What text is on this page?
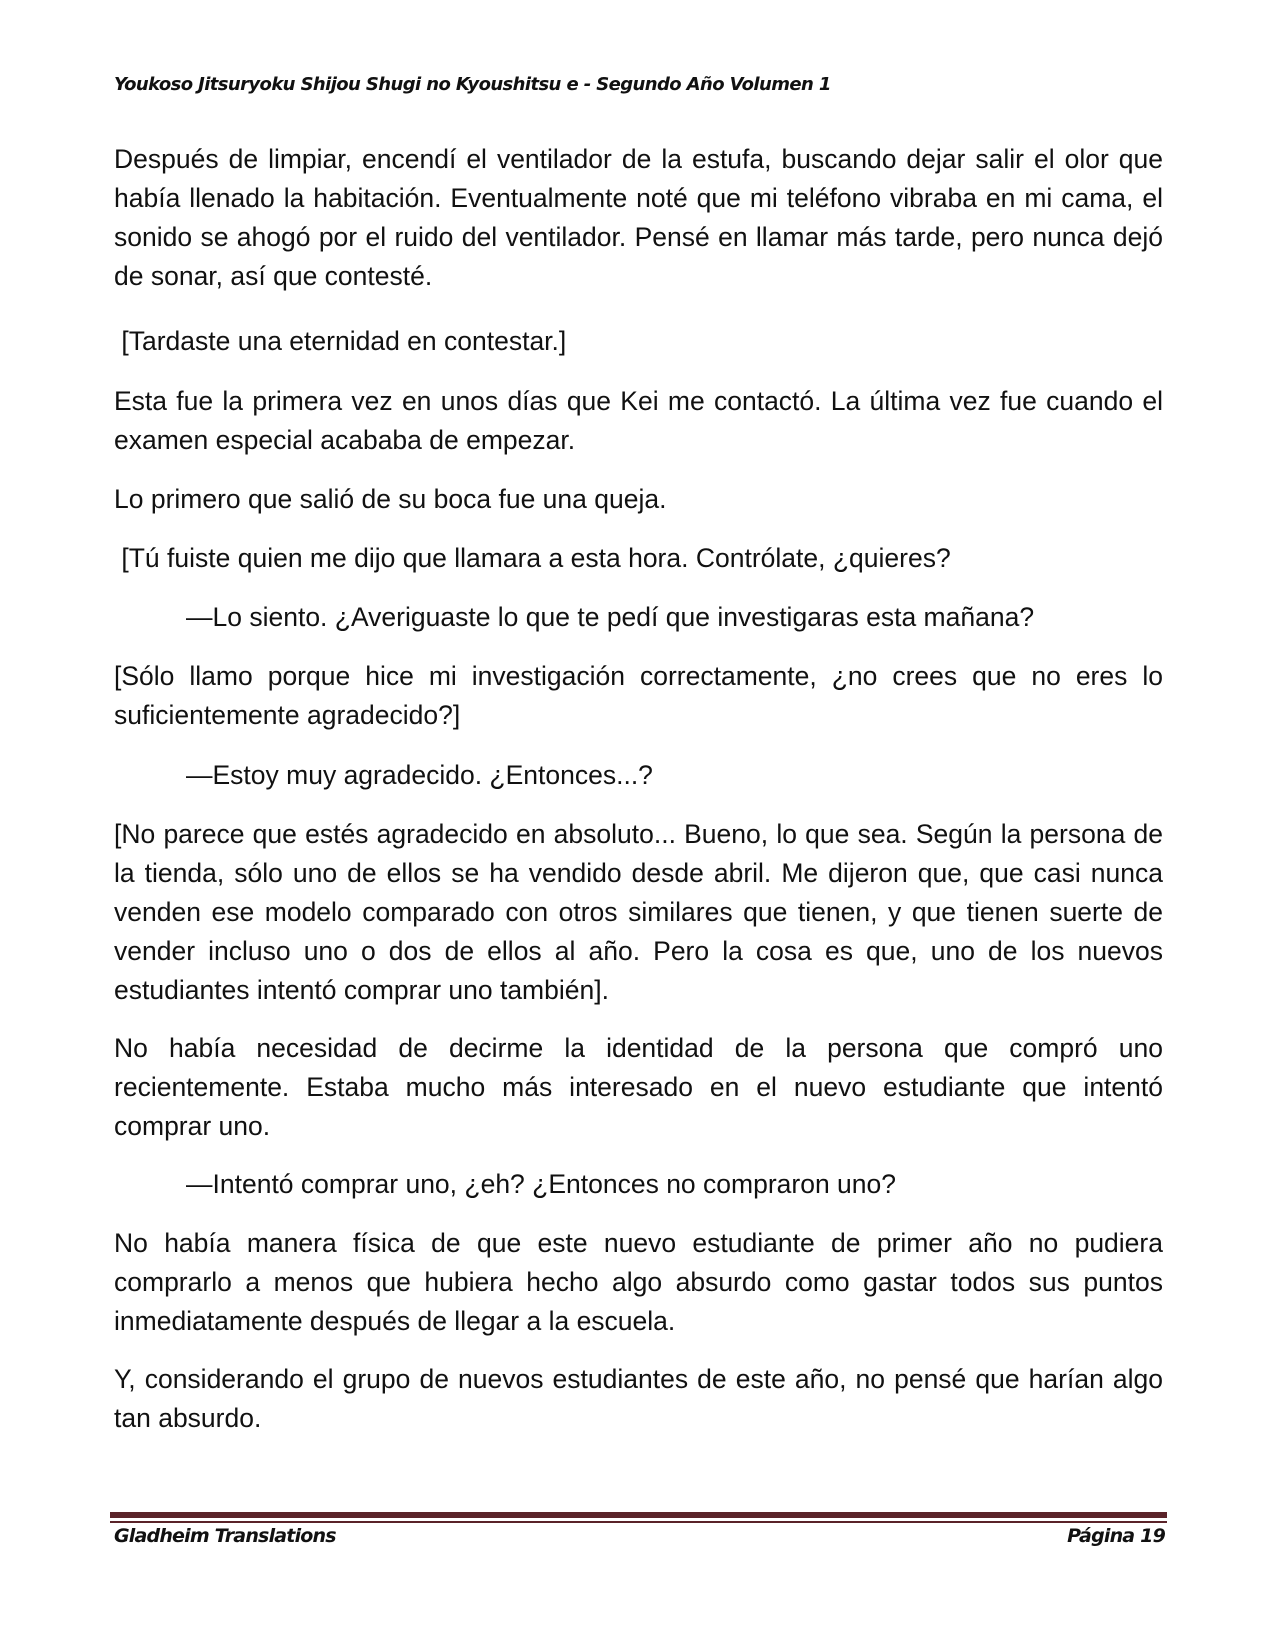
Youkoso Jitsuryoku Shijou Shugi no Kyoushitsu e - Segundo Año Volumen 1
Después de limpiar, encendí el ventilador de la estufa, buscando dejar salir el olor que había llenado la habitación. Eventualmente noté que mi teléfono vibraba en mi cama, el sonido se ahogó por el ruido del ventilador. Pensé en llamar más tarde, pero nunca dejó de sonar, así que contesté.
[Tardaste una eternidad en contestar.]
Esta fue la primera vez en unos días que Kei me contactó. La última vez fue cuando el examen especial acababa de empezar.
Lo primero que salió de su boca fue una queja.
[Tú fuiste quien me dijo que llamara a esta hora. Contrólate, ¿quieres?
—Lo siento. ¿Averiguaste lo que te pedí que investigaras esta mañana?
[Sólo llamo porque hice mi investigación correctamente, ¿no crees que no eres lo suficientemente agradecido?]
—Estoy muy agradecido. ¿Entonces...?
[No parece que estés agradecido en absoluto... Bueno, lo que sea. Según la persona de la tienda, sólo uno de ellos se ha vendido desde abril. Me dijeron que, que casi nunca venden ese modelo comparado con otros similares que tienen, y que tienen suerte de vender incluso uno o dos de ellos al año. Pero la cosa es que, uno de los nuevos estudiantes intentó comprar uno también].
No había necesidad de decirme la identidad de la persona que compró uno recientemente. Estaba mucho más interesado en el nuevo estudiante que intentó comprar uno.
—Intentó comprar uno, ¿eh? ¿Entonces no compraron uno?
No había manera física de que este nuevo estudiante de primer año no pudiera comprarlo a menos que hubiera hecho algo absurdo como gastar todos sus puntos inmediatamente después de llegar a la escuela.
Y, considerando el grupo de nuevos estudiantes de este año, no pensé que harían algo tan absurdo.
Gladheim Translations	Página 19
